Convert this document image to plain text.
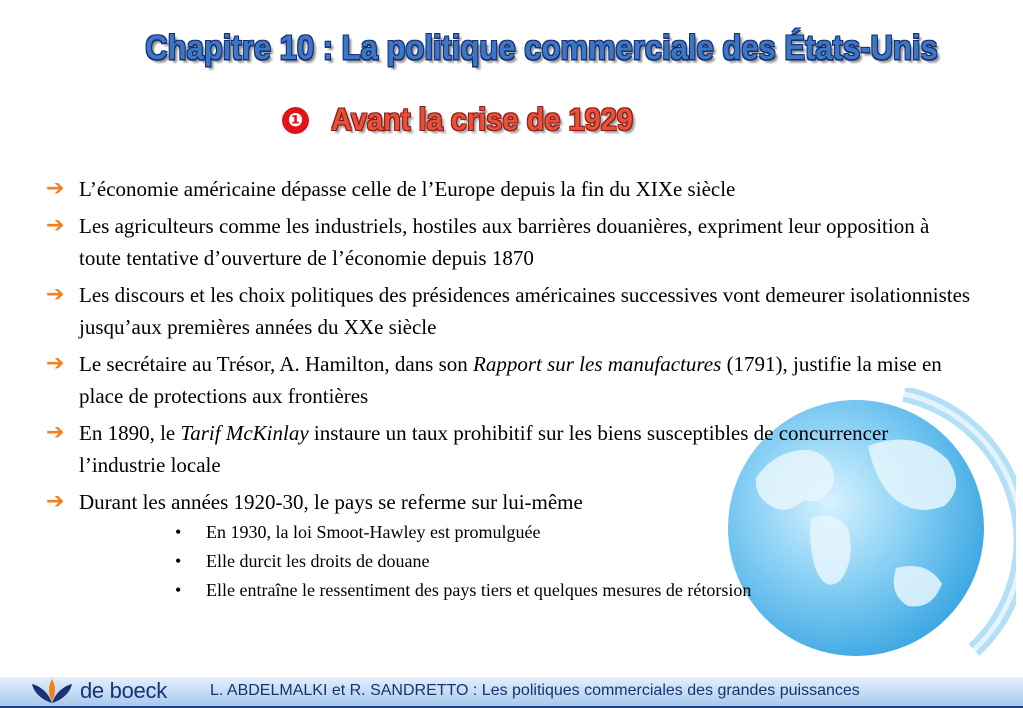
Chapitre 10 : La politique commerciale des États-Unis
❶ Avant la crise de 1929
➔ L’économie américaine dépasse celle de l’Europe depuis la fin du XIXe siècle
➔ Les agriculteurs comme les industriels, hostiles aux barrières douanières, expriment leur opposition à toute tentative d’ouverture de l’économie depuis 1870
➔ Les discours et les choix politiques des présidences américaines successives vont demeurer isolationnistes jusqu’aux premières années du XXe siècle
➔ Le secrétaire au Trésor, A. Hamilton, dans son Rapport sur les manufactures (1791), justifie la mise en place de protections aux frontières
➔ En 1890, le Tarif McKinlay instaure un taux prohibitif sur les biens susceptibles de concurrencer l’industrie locale
➔ Durant les années 1920-30, le pays se referme sur lui-même
• En 1930, la loi Smoot-Hawley est promulguée
• Elle durcit les droits de douane
• Elle entraîne le ressentiment des pays tiers et quelques mesures de rétorsion
de boeck	L. ABDELMALKI et R. SANDRETTO : Les politiques commerciales des grandes puissances
